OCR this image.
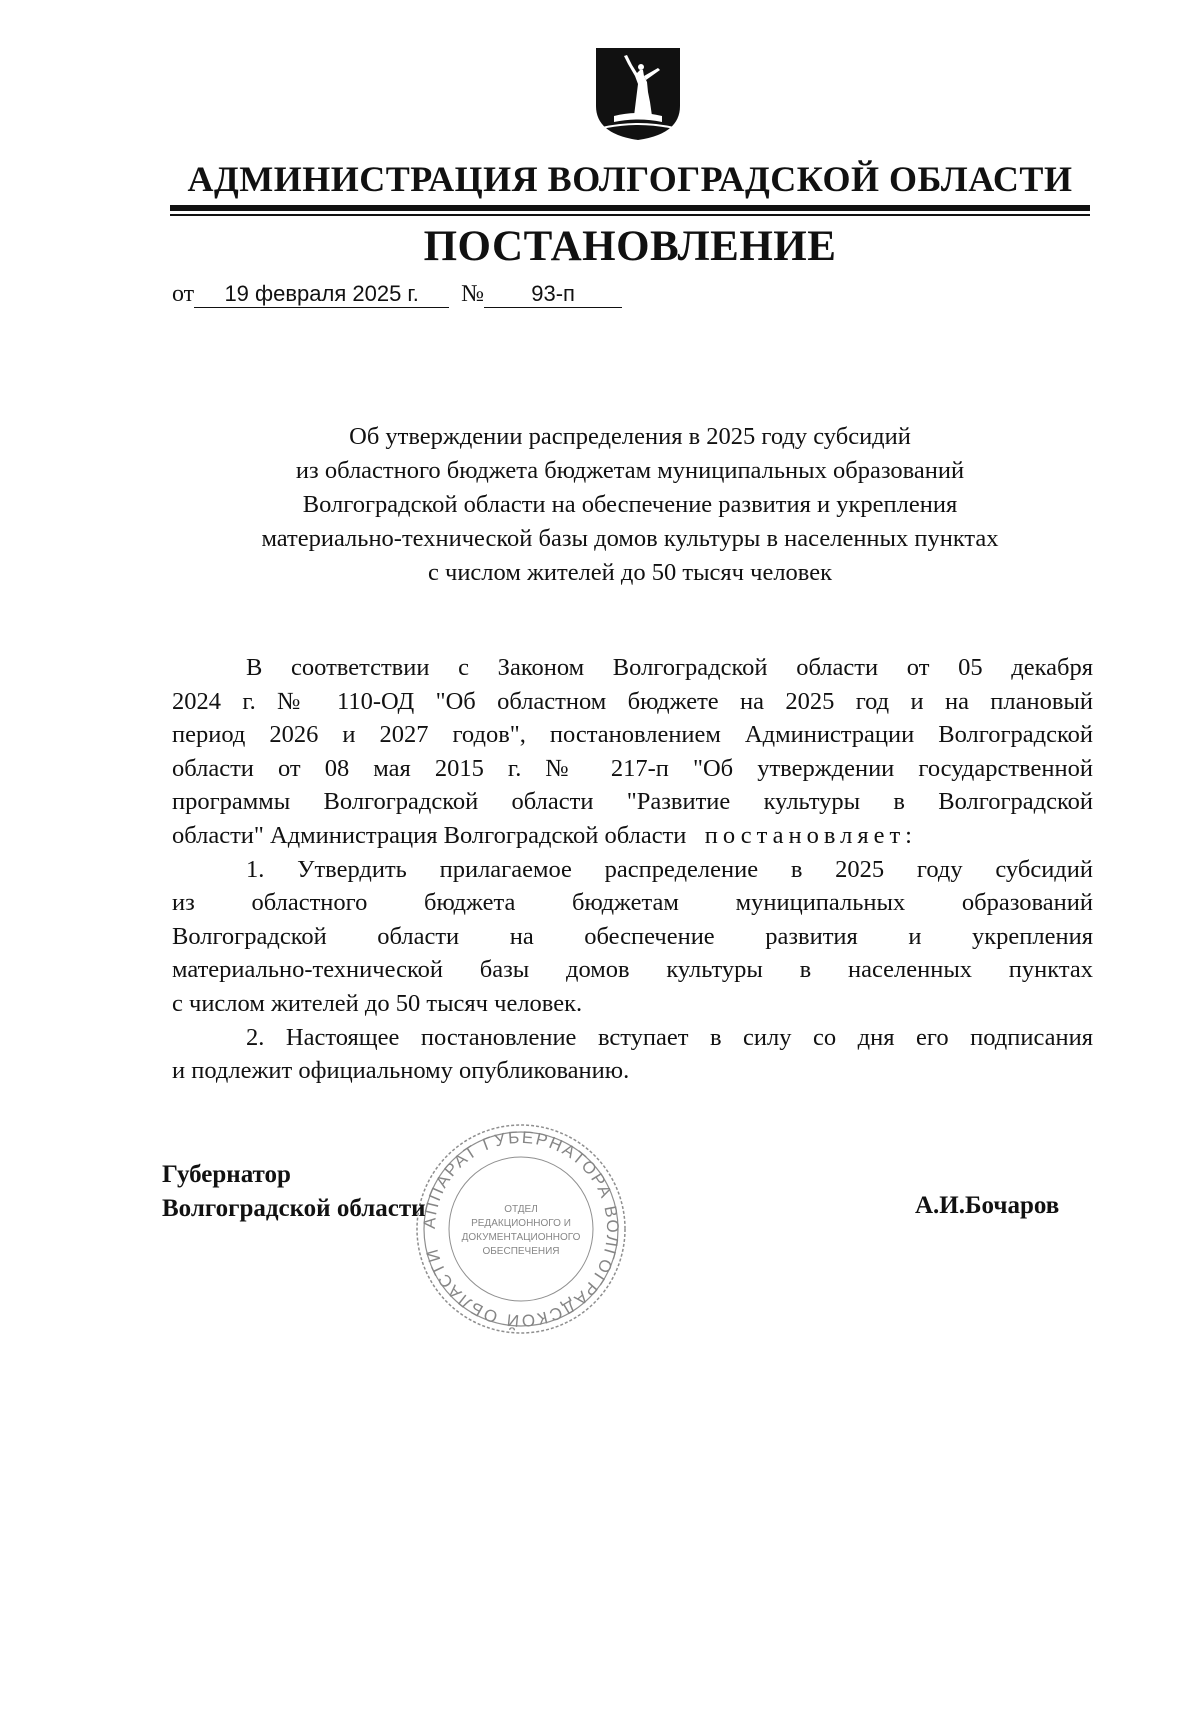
АДМИНИСТРАЦИЯ ВОЛГОГРАДСКОЙ ОБЛАСТИ
ПОСТАНОВЛЕНИЕ
от 19 февраля 2025 г. № 93-п
Об утверждении распределения в 2025 году субсидий
из областного бюджета бюджетам муниципальных образований
Волгоградской области на обеспечение развития и укрепления
материально-технической базы домов культуры в населенных пунктах
с числом жителей до 50 тысяч человек
В соответствии с Законом Волгоградской области от 05 декабря
2024 г. № 110-ОД "Об областном бюджете на 2025 год и на плановый
период 2026 и 2027 годов", постановлением Администрации Волгоградской
области от 08 мая 2015 г. № 217-п "Об утверждении государственной
программы Волгоградской области "Развитие культуры в Волгоградской
области" Администрация Волгоградской области постановляет:
1. Утвердить прилагаемое распределение в 2025 году субсидий
из областного бюджета бюджетам муниципальных образований
Волгоградской области на обеспечение развития и укрепления
материально-технической базы домов культуры в населенных пунктах
с числом жителей до 50 тысяч человек.
2. Настоящее постановление вступает в силу со дня его подписания
и подлежит официальному опубликованию.
АППАРАТ ГУБЕРНАТОРА ВОЛГОГРАДСКОЙ ОБЛАСТИ
ОТДЕЛ
РЕДАКЦИОННОГО И
ДОКУМЕНТАЦИОННОГО
ОБЕСПЕЧЕНИЯ
Губернатор
Волгоградской области	А.И.Бочаров
